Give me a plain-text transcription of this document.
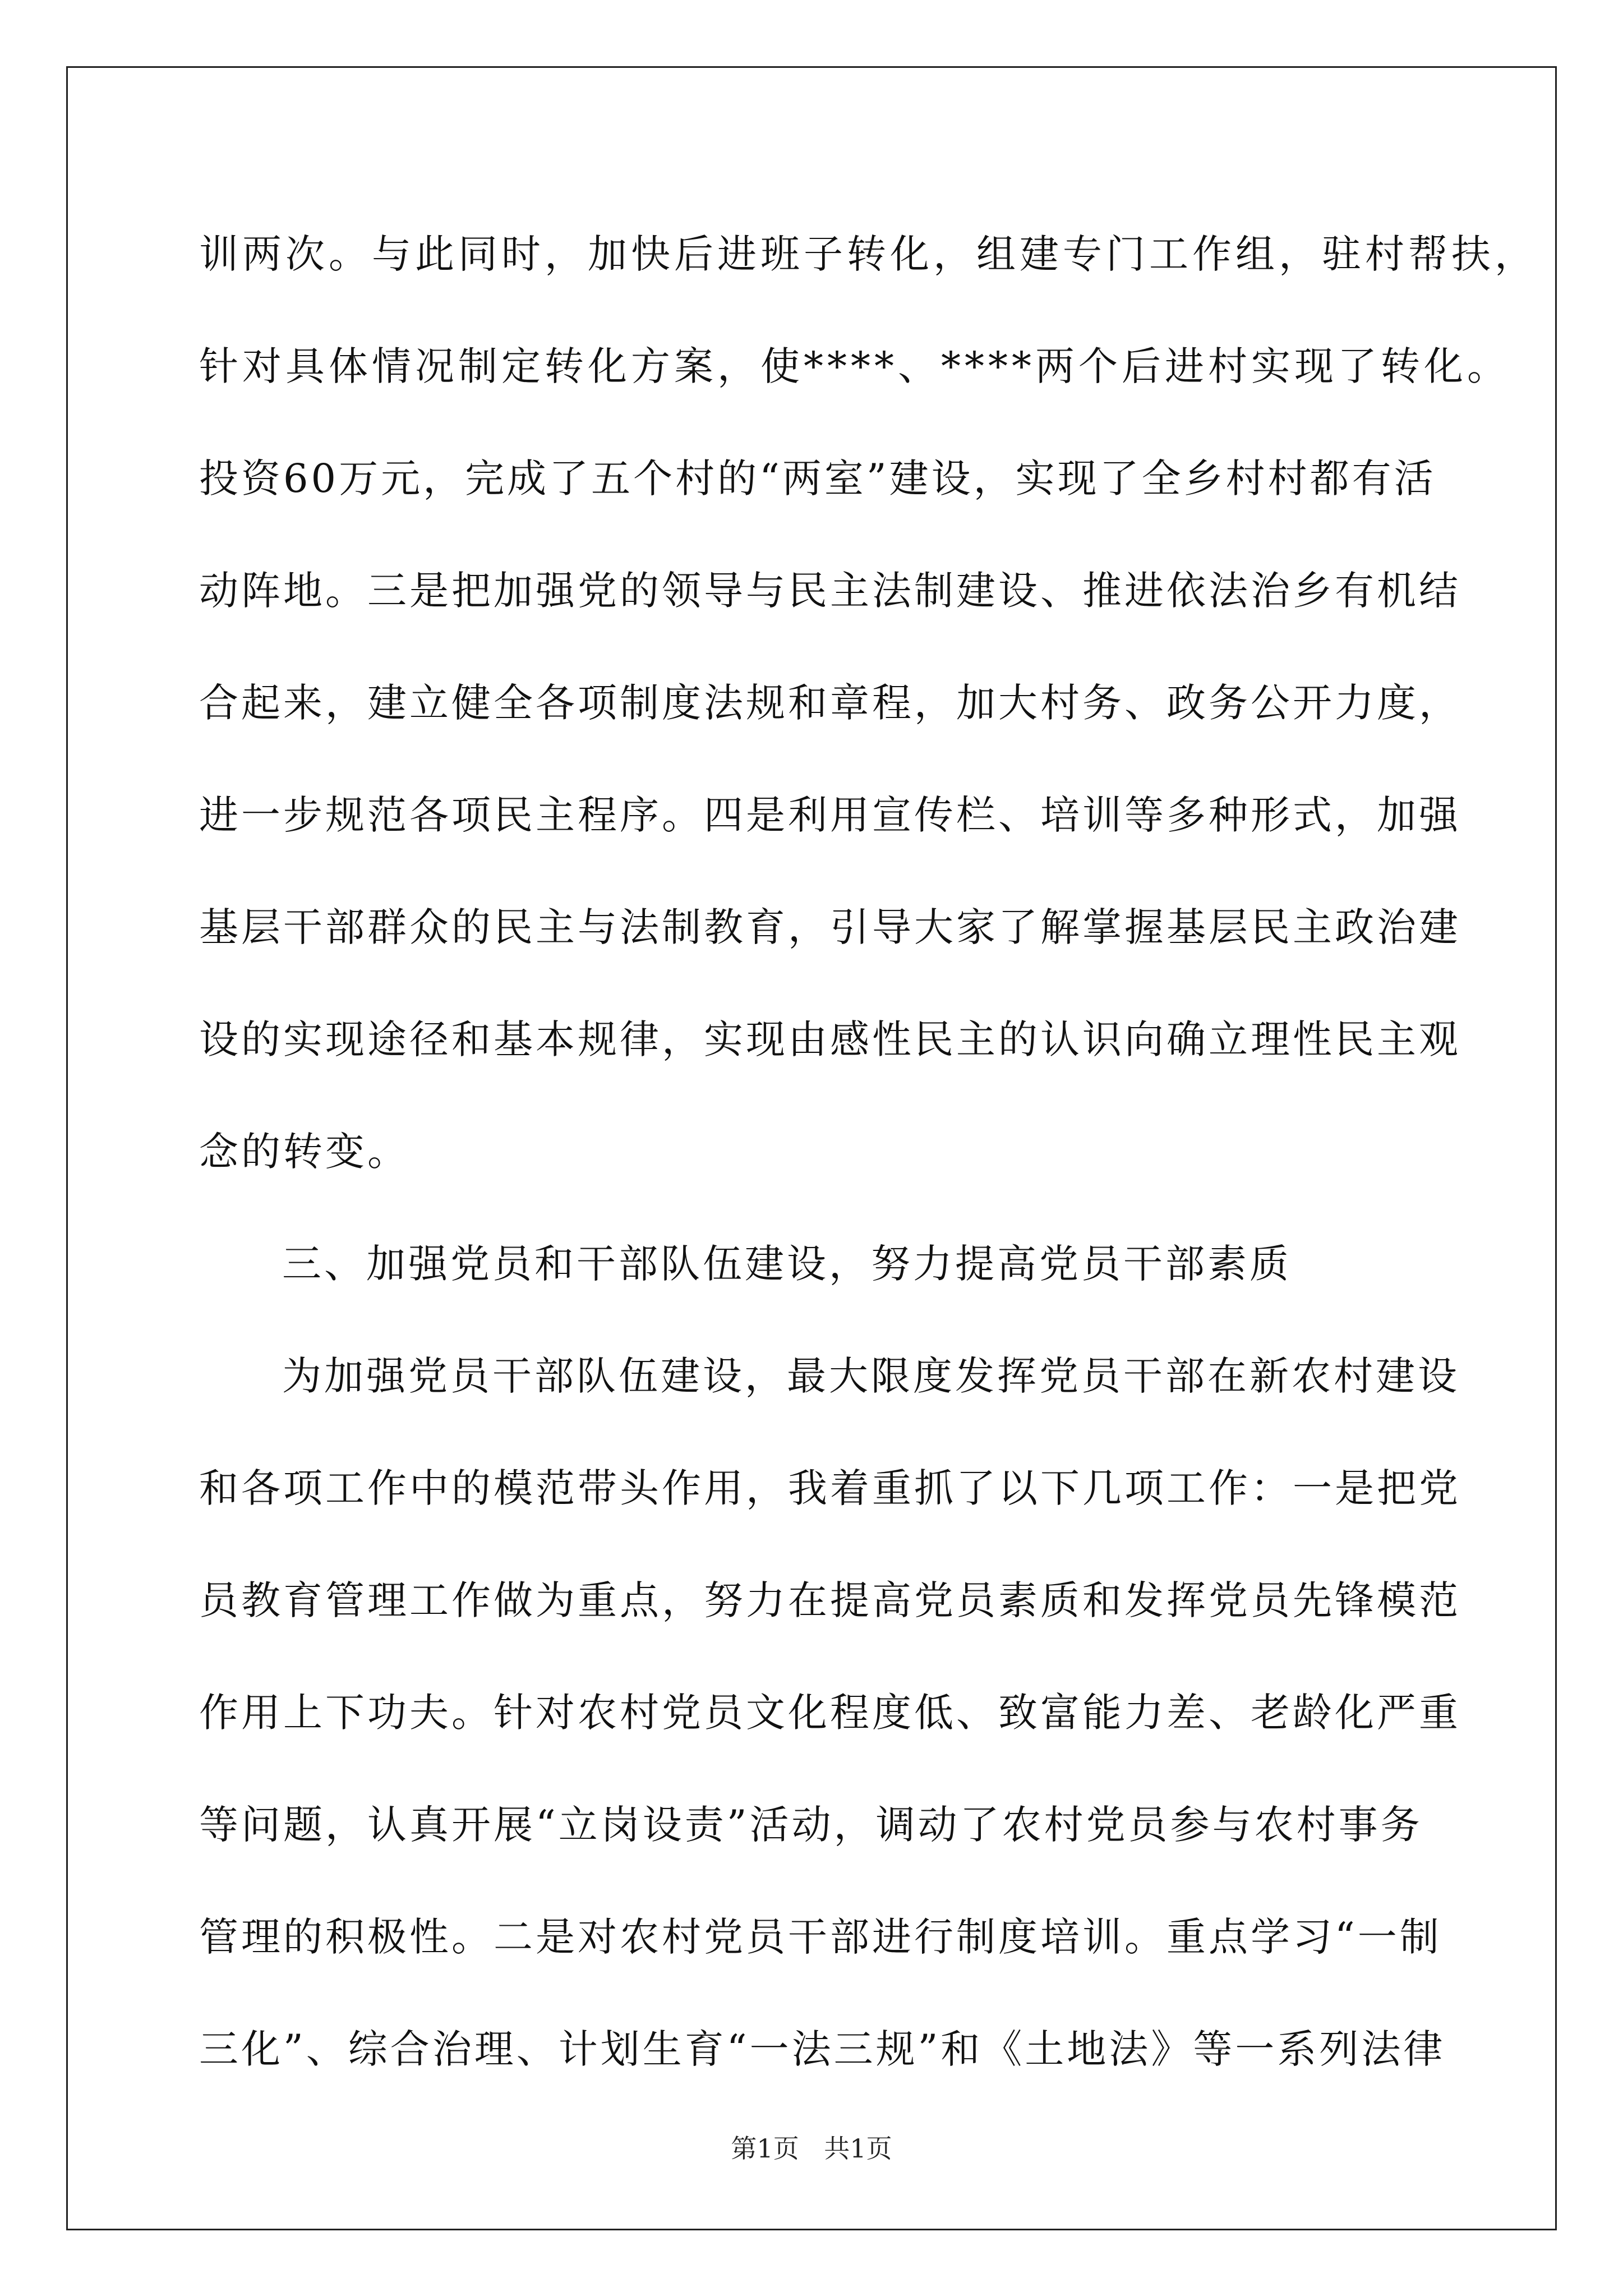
训两次。与此同时，加快后进班子转化，组建专门工作组，驻村帮扶，
针对具体情况制定转化方案，使****、****两个后进村实现了转化。
投资60万元，完成了五个村的“两室”建设，实现了全乡村村都有活
动阵地。三是把加强党的领导与民主法制建设、推进依法治乡有机结
合起来，建立健全各项制度法规和章程，加大村务、政务公开力度，
进一步规范各项民主程序。四是利用宣传栏、培训等多种形式，加强
基层干部群众的民主与法制教育，引导大家了解掌握基层民主政治建
设的实现途径和基本规律，实现由感性民主的认识向确立理性民主观
念的转变。
三、加强党员和干部队伍建设，努力提高党员干部素质
为加强党员干部队伍建设，最大限度发挥党员干部在新农村建设
和各项工作中的模范带头作用，我着重抓了以下几项工作：一是把党
员教育管理工作做为重点，努力在提高党员素质和发挥党员先锋模范
作用上下功夫。针对农村党员文化程度低、致富能力差、老龄化严重
等问题，认真开展“立岗设责”活动，调动了农村党员参与农村事务
管理的积极性。二是对农村党员干部进行制度培训。重点学习“一制
三化”、综合治理、计划生育“一法三规”和《土地法》等一系列法律
第1页 共1页
